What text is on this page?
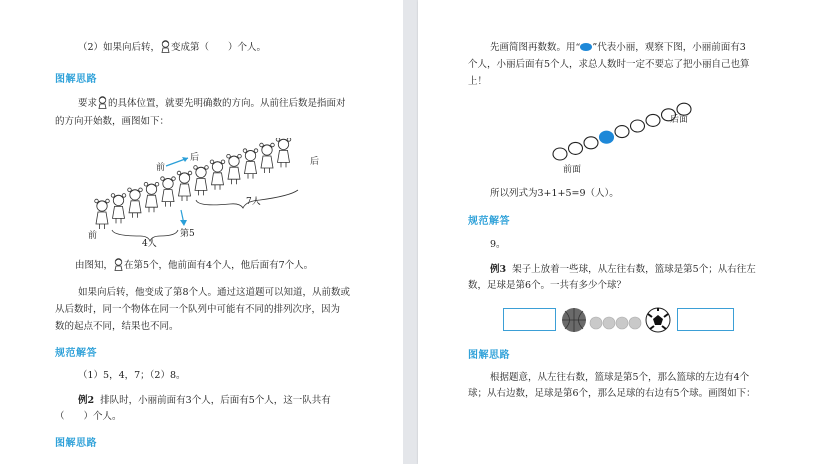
（2）如果向后转， 变成第（　　）个人。
图解思路
要求 的具体位置，就要先明确数的方向。从前往后数是指面对
的方向开始数，画图如下：
前
后	后
前
4人
7人
第5
由图知， 在第5个，他前面有4个人，他后面有7个人。
如果向后转，他变成了第8个人。通过这道题可以知道，从前数或
从后数时，同一个物体在同一个队列中可能有不同的排列次序，因为
数的起点不同，结果也不同。
规范解答
（1）5，4，7；（2）8。
例2 排队时，小丽前面有3个人，后面有5个人，这一队共有
（　　）个人。
图解思路
先画简图再数数。用“ ”代表小丽，观察下图，小丽前面有3
个人，小丽后面有5个人，求总人数时一定不要忘了把小丽自己也算
上！
后面
前面
所以列式为3+1+5=9（人）。
规范解答
9。
例3 架子上放着一些球，从左往右数，篮球是第5个；从右往左
数，足球是第6个。一共有多少个球？
图解思路
根据题意，从左往右数，篮球是第5个，那么篮球的左边有4个
球；从右边数，足球是第6个，那么足球的右边有5个球。画图如下：
